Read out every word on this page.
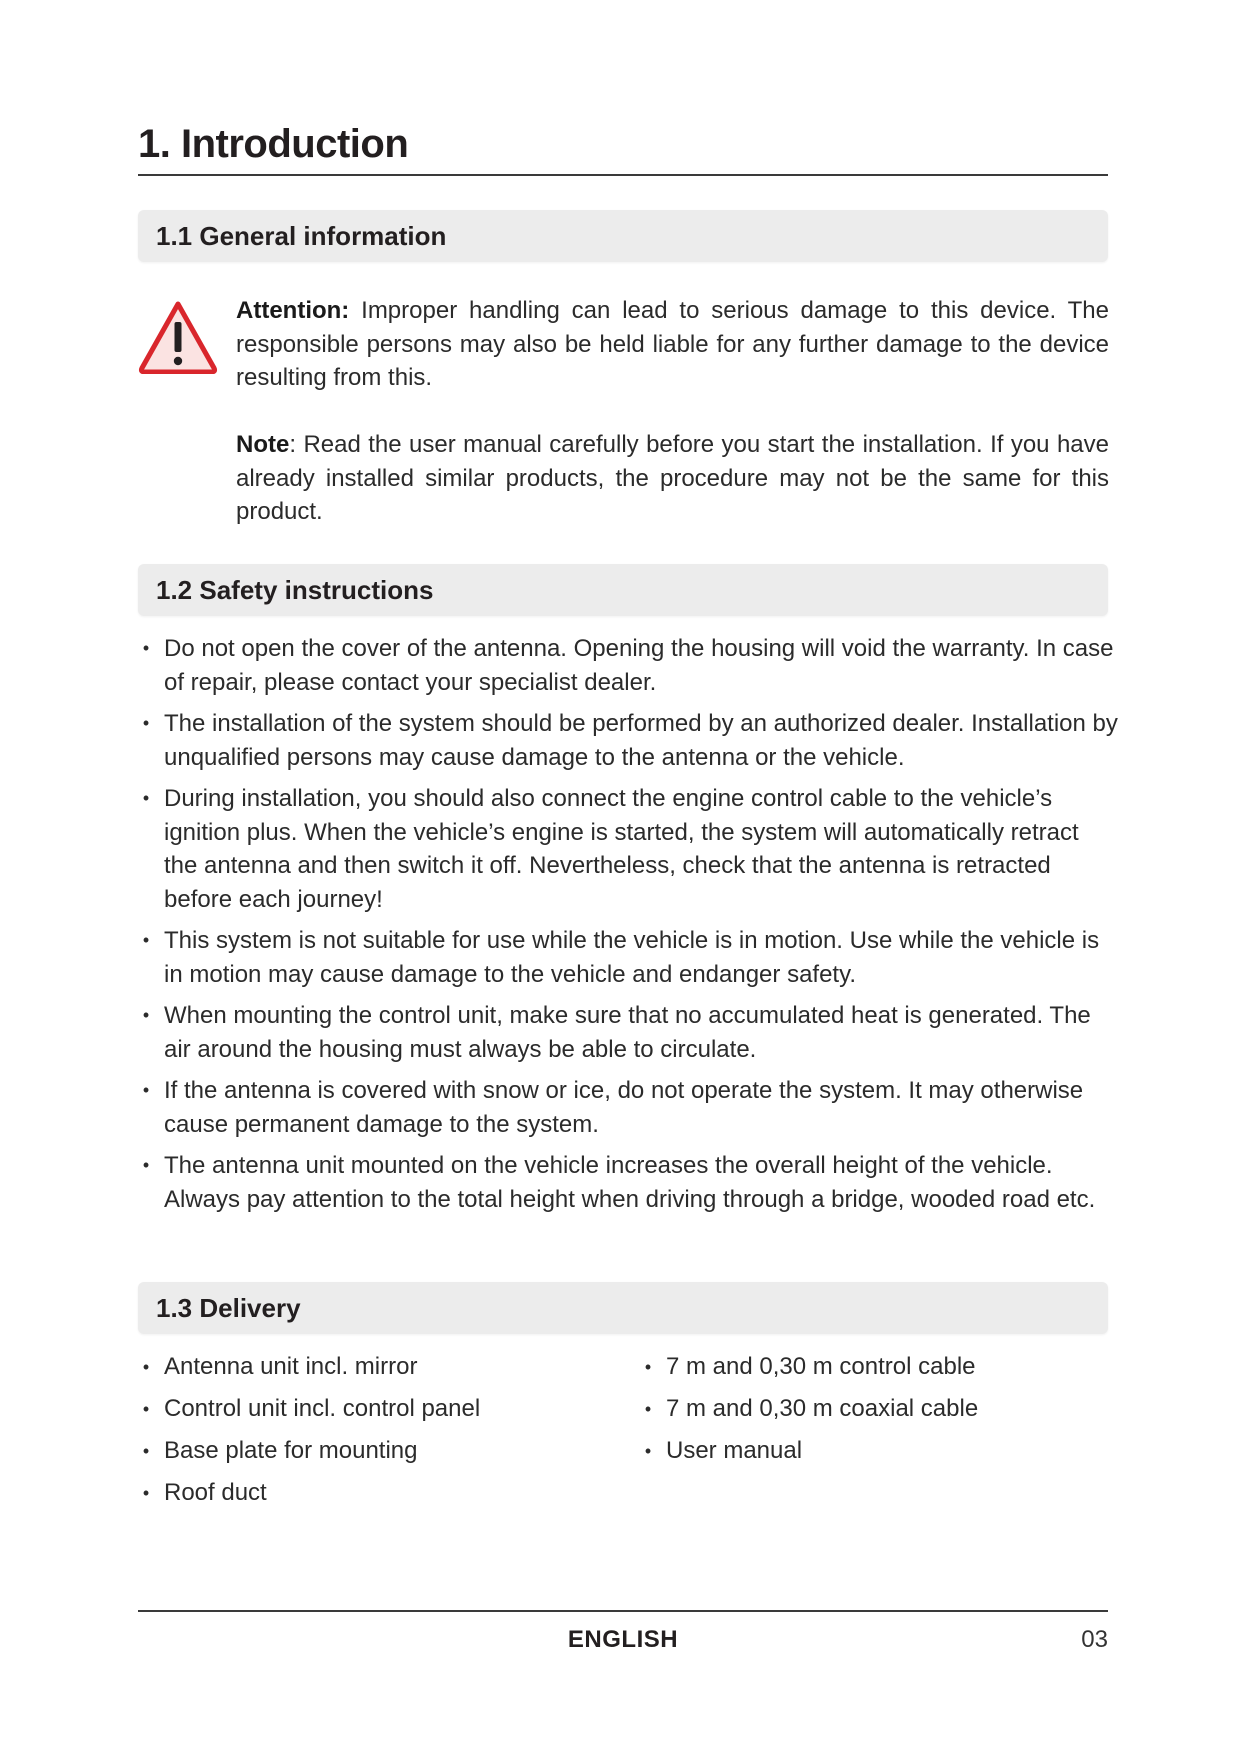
1. Introduction
1.1 General information
Attention: Improper handling can lead to serious damage to this device. The responsible persons may also be held liable for any further damage to the device resulting from this.
Note: Read the user manual carefully before you start the installation. If you have already installed similar products, the procedure may not be the same for this product.
1.2 Safety instructions
• Do not open the cover of the antenna. Opening the housing will void the warranty. In case of repair, please contact your specialist dealer.
• The installation of the system should be performed by an authorized dealer. Installation by unqualified persons may cause damage to the antenna or the vehicle.
• During installation, you should also connect the engine control cable to the vehicle’s ignition plus. When the vehicle’s engine is started, the system will automatically retract the antenna and then switch it off. Nevertheless, check that the antenna is retracted before each journey!
• This system is not suitable for use while the vehicle is in motion. Use while the vehicle is in motion may cause damage to the vehicle and endanger safety.
• When mounting the control unit, make sure that no accumulated heat is generated. The air around the housing must always be able to circulate.
• If the antenna is covered with snow or ice, do not operate the system. It may otherwise cause permanent damage to the system.
• The antenna unit mounted on the vehicle increases the overall height of the vehicle. Always pay attention to the total height when driving through a bridge, wooded road etc.
1.3 Delivery
• Antenna unit incl. mirror
• Control unit incl. control panel
• Base plate for mounting
• Roof duct
• 7 m and 0,30 m control cable
• 7 m and 0,30 m coaxial cable
• User manual
ENGLISH	03
